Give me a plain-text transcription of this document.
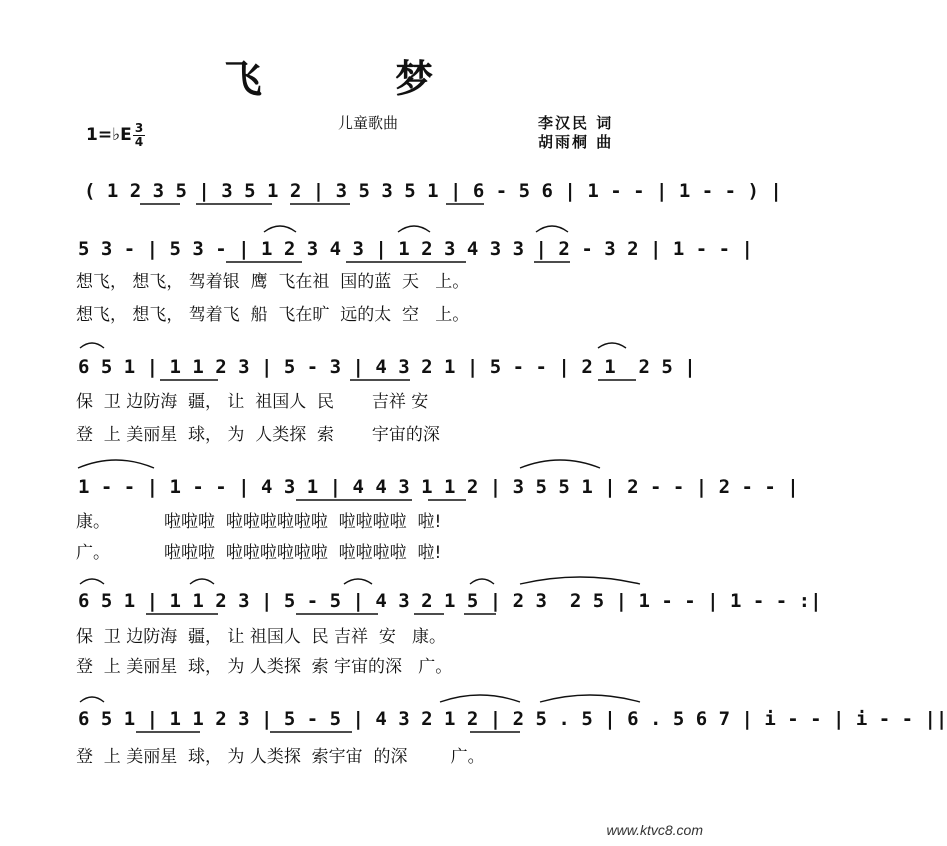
飞 梦
儿童歌曲	李汉民 词
胡雨桐 曲
1=♭E 3
4
( 1 2 3 5 | 3 5 1 2 | 3 5 3 5 1 | 6 - 5 6 | 1 - - | 1 - - ) |
5 3 - | 5 3 - | 1 2 3 4 3 | 1 2 3 4 3 3 | 2 - 3 2 | 1 - - |
想飞， 想飞， 驾着银  鹰  飞在祖  国的蓝  天   上。
想飞， 想飞， 驾着飞  船  飞在旷  远的太  空   上。
6 5 1 | 1 1 2 3 | 5 - 3 | 4 3 2 1 | 5 - - | 2 1  2 5 |
保  卫 边防海  疆， 让  祖国人  民       吉祥 安
登  上 美丽星  球， 为  人类探  索       宇宙的深
1 - - | 1 - - | 4 3 1 | 4 4 3 1 1 2 | 3 5 5 1 | 2 - - | 2 - - |
康。          啦啦啦  啦啦啦啦啦啦  啦啦啦啦  啦!
广。          啦啦啦  啦啦啦啦啦啦  啦啦啦啦  啦!
6 5 1 | 1 1 2 3 | 5 - 5 | 4 3 2 1 5 | 2 3  2 5 | 1 - - | 1 - - :|
保  卫 边防海  疆， 让 祖国人  民 吉祥  安   康。
登  上 美丽星  球， 为 人类探  索 宇宙的深   广。
6 5 1 | 1 1 2 3 | 5 - 5 | 4 3 2 1 2 | 2 5 . 5 | 6 . 5 6 7 | i - - | i - - ||
登  上 美丽星  球， 为 人类探  索宇宙  的深        广。
www.ktvc8.com
